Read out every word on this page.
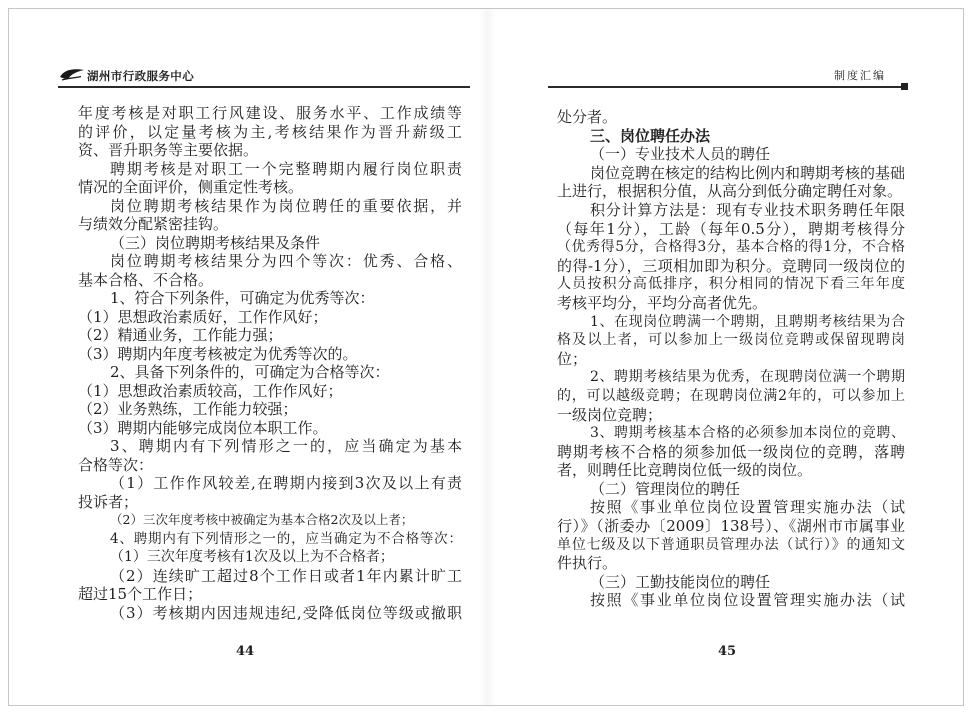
湖州市行政服务中心	制度汇编
年度考核是对职工行风建设、服务水平、工作成绩等
的评价，以定量考核为主,考核结果作为晋升薪级工
资、晋升职务等主要依据。
聘期考核是对职工一个完整聘期内履行岗位职责
情况的全面评价，侧重定性考核。
岗位聘期考核结果作为岗位聘任的重要依据，并
与绩效分配紧密挂钩。
（三）岗位聘期考核结果及条件
岗位聘期考核结果分为四个等次：优秀、合格、
基本合格、不合格。
1、符合下列条件，可确定为优秀等次：
（1）思想政治素质好，工作作风好；
（2）精通业务，工作能力强；
（3）聘期内年度考核被定为优秀等次的。
2、具备下列条件的，可确定为合格等次：
（1）思想政治素质较高，工作作风好；
（2）业务熟练，工作能力较强；
（3）聘期内能够完成岗位本职工作。
3、聘期内有下列情形之一的，应当确定为基本
合格等次：
（1）工作作风较差,在聘期内接到3次及以上有责
投诉者；
（2）三次年度考核中被确定为基本合格2次及以上者；
4、聘期内有下列情形之一的，应当确定为不合格等次：
（1）三次年度考核有1次及以上为不合格者；
（2）连续旷工超过8个工作日或者1年内累计旷工
超过15个工作日；
（3）考核期内因违规违纪,受降低岗位等级或撤职
处分者。
三、岗位聘任办法
（一）专业技术人员的聘任
岗位竞聘在核定的结构比例内和聘期考核的基础
上进行，根据积分值，从高分到低分确定聘任对象。
积分计算方法是：现有专业技术职务聘任年限
（每年1分），工龄（每年0.5分），聘期考核得分
（优秀得5分，合格得3分，基本合格的得1分，不合格
的得-1分），三项相加即为积分。竞聘同一级岗位的
人员按积分高低排序，积分相同的情况下看三年年度
考核平均分，平均分高者优先。
1、在现岗位聘满一个聘期，且聘期考核结果为合
格及以上者，可以参加上一级岗位竞聘或保留现聘岗
位；
2、聘期考核结果为优秀，在现聘岗位满一个聘期
的，可以越级竞聘；在现聘岗位满2年的，可以参加上
一级岗位竞聘；
3、聘期考核基本合格的必须参加本岗位的竞聘、
聘期考核不合格的须参加低一级岗位的竞聘，落聘
者，则聘任比竞聘岗位低一级的岗位。
（二）管理岗位的聘任
按照《事业单位岗位设置管理实施办法（试
行）》（浙委办〔2009〕138号）、《湖州市市属事业
单位七级及以下普通职员管理办法（试行）》的通知文
件执行。
（三）工勤技能岗位的聘任
按照《事业单位岗位设置管理实施办法（试
44	45
